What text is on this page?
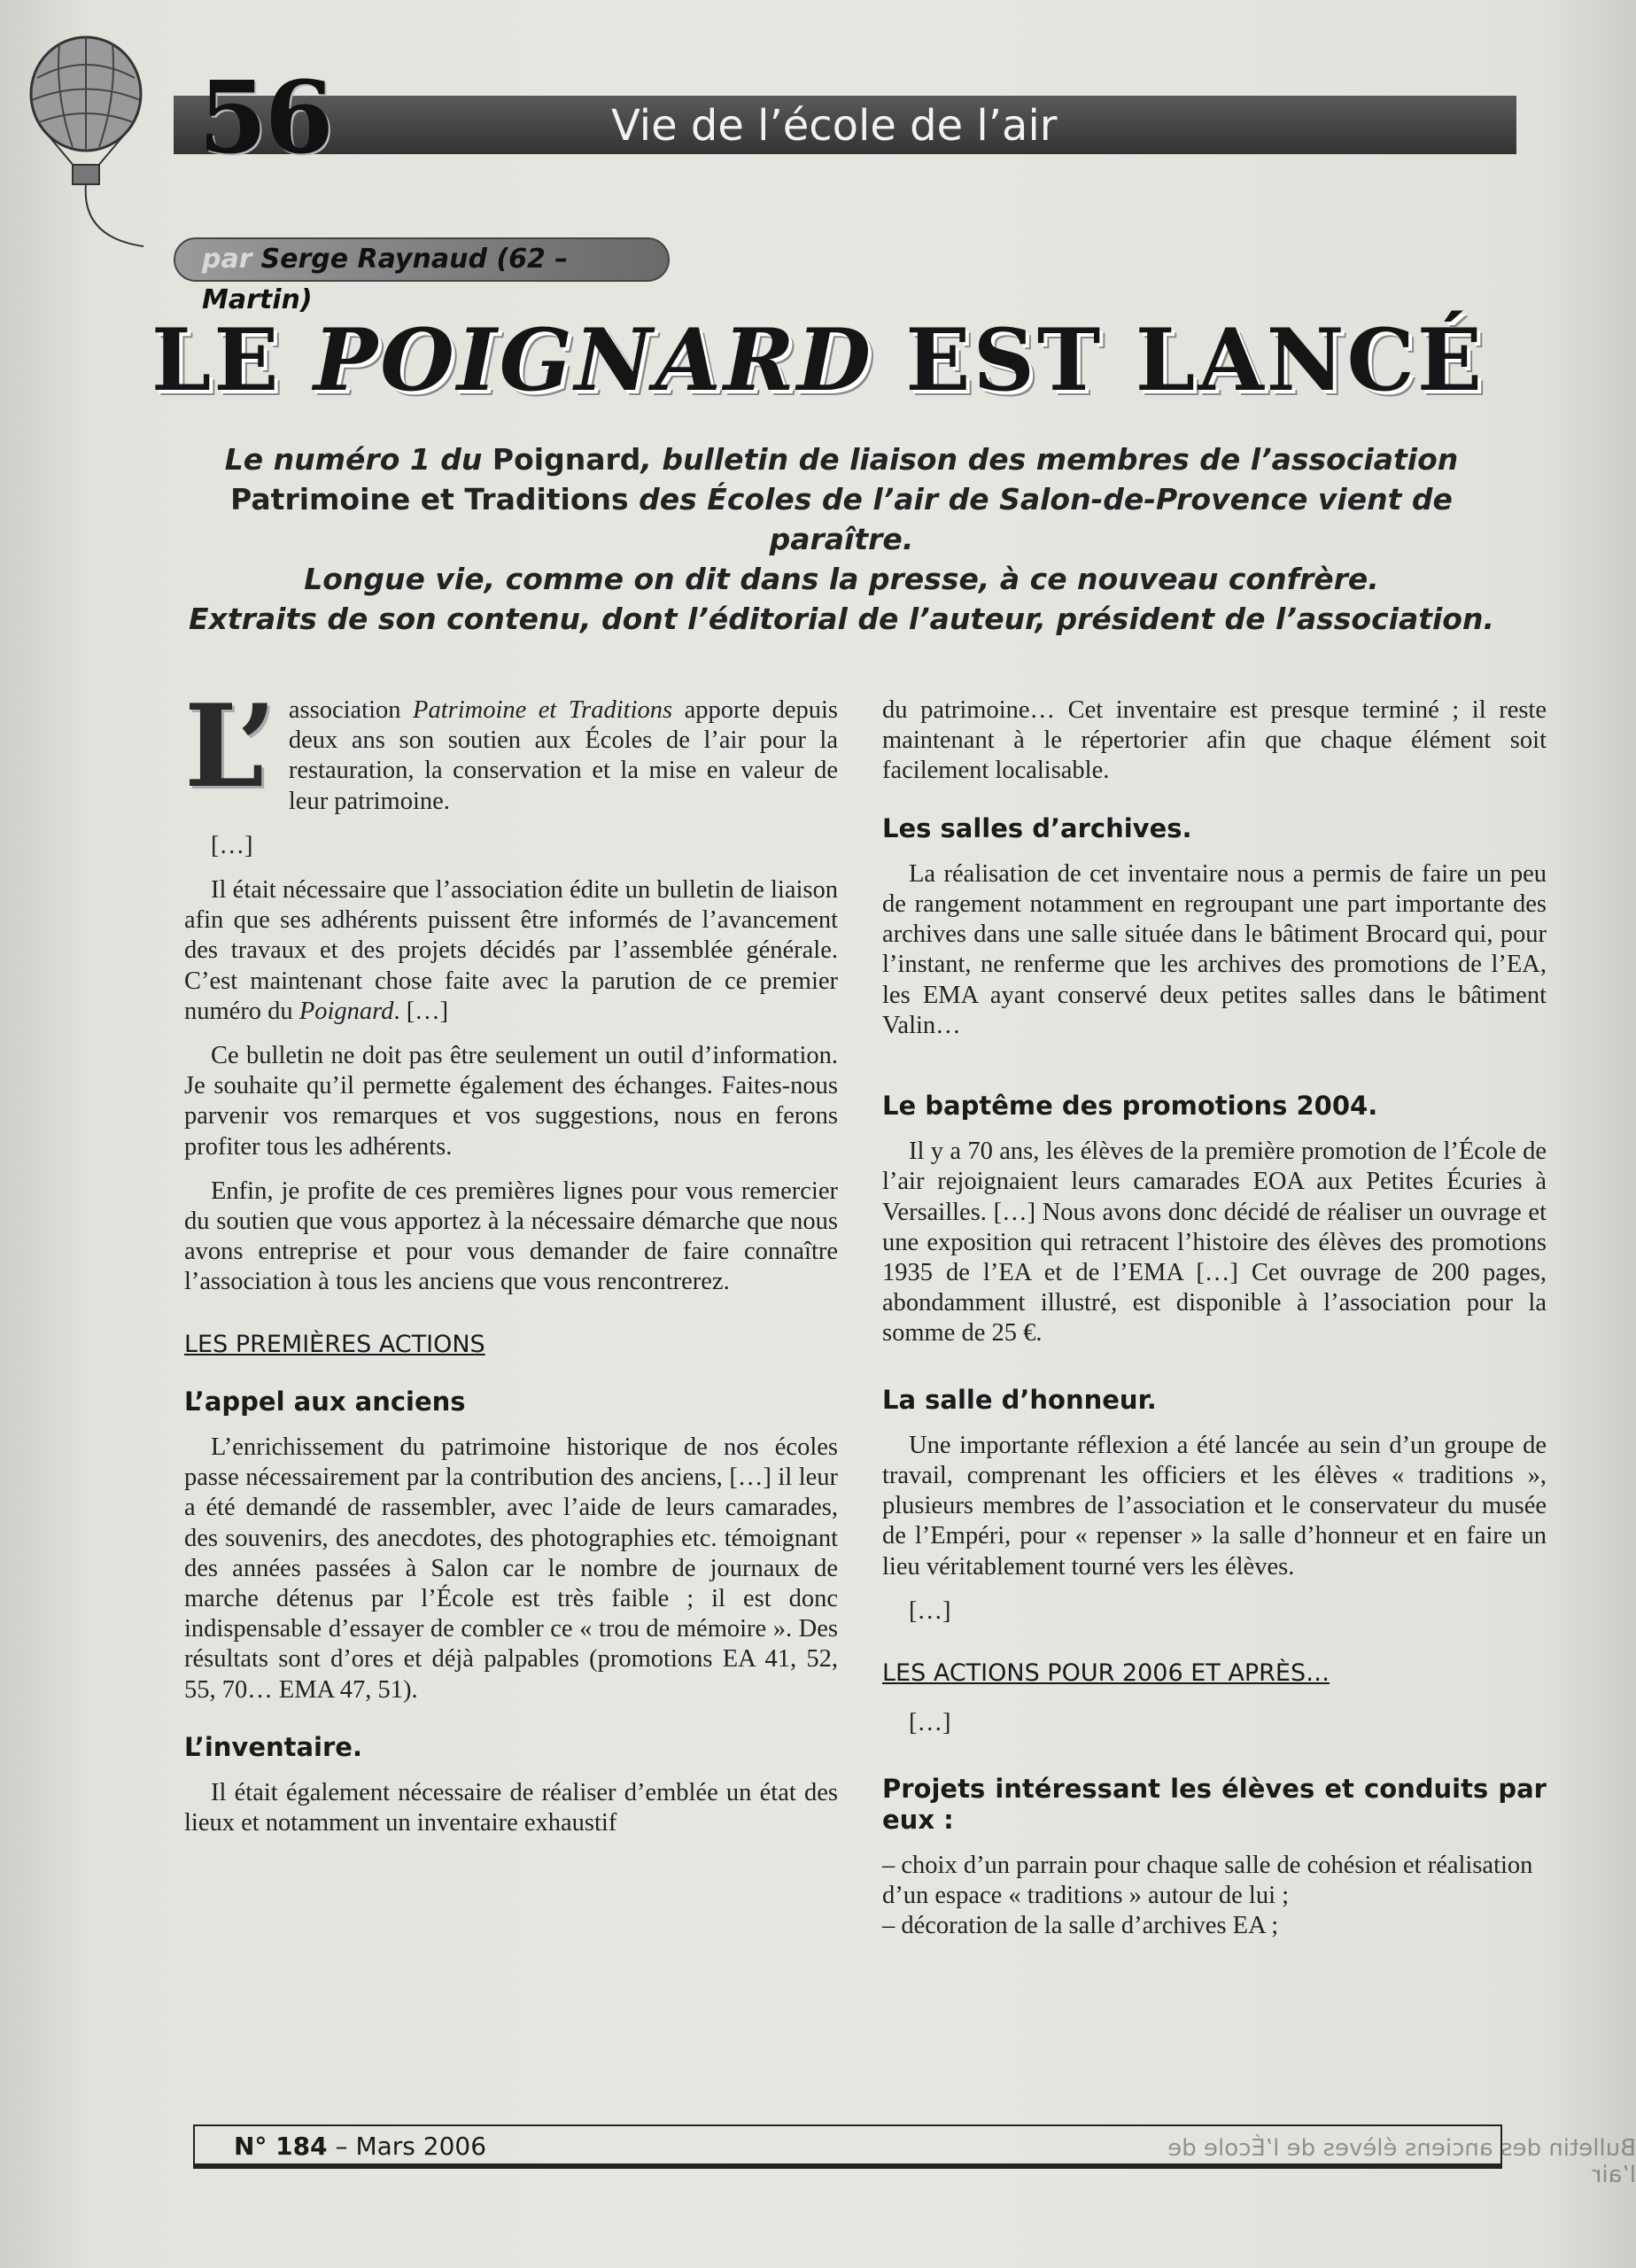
56	Vie de l’école de l’air
par Serge Raynaud (62 – Martin)
LE POIGNARD EST LANCÉ
Le numéro 1 du Poignard, bulletin de liaison des membres de l’association
Patrimoine et Traditions des Écoles de l’air de Salon-de-Provence vient de paraître.
Longue vie, comme on dit dans la presse, à ce nouveau confrère.
Extraits de son contenu, dont l’éditorial de l’auteur, président de l’association.

L’ association Patrimoine et Traditions apporte depuis deux ans son soutien aux Écoles de l’air pour la restauration, la conservation et la mise en valeur de leur patrimoine.

[…]

Il était nécessaire que l’association édite un bulletin de liaison afin que ses adhérents puissent être informés de l’avancement des travaux et des projets décidés par l’assemblée générale. C’est maintenant chose faite avec la parution de ce premier numéro du Poignard. […]

Ce bulletin ne doit pas être seulement un outil d’information. Je souhaite qu’il permette également des échanges. Faites-nous parvenir vos remarques et vos suggestions, nous en ferons profiter tous les adhérents.

Enfin, je profite de ces premières lignes pour vous remercier du soutien que vous apportez à la nécessaire démarche que nous avons entreprise et pour vous demander de faire connaître l’association à tous les anciens que vous rencontrerez.

LES PREMIÈRES ACTIONS
L’appel aux anciens

L’enrichissement du patrimoine historique de nos écoles passe nécessairement par la contribution des anciens, […] il leur a été demandé de rassembler, avec l’aide de leurs camarades, des souvenirs, des anecdotes, des photographies etc. témoignant des années passées à Salon car le nombre de journaux de marche détenus par l’École est très faible ; il est donc indispensable d’essayer de combler ce « trou de mémoire ». Des résultats sont d’ores et déjà palpables (promotions EA 41, 52, 55, 70… EMA 47, 51).

L’inventaire.

Il était également nécessaire de réaliser d’emblée un état des lieux et notamment un inventaire exhaustif

du patrimoine… Cet inventaire est presque terminé ; il reste maintenant à le répertorier afin que chaque élément soit facilement localisable.

Les salles d’archives.

La réalisation de cet inventaire nous a permis de faire un peu de rangement notamment en regroupant une part importante des archives dans une salle située dans le bâtiment Brocard qui, pour l’instant, ne renferme que les archives des promotions de l’EA, les EMA ayant conservé deux petites salles dans le bâtiment Valin…

Le baptême des promotions 2004.

Il y a 70 ans, les élèves de la première promotion de l’École de l’air rejoignaient leurs camarades EOA aux Petites Écuries à Versailles. […] Nous avons donc décidé de réaliser un ouvrage et une exposition qui retracent l’histoire des élèves des promotions 1935 de l’EA et de l’EMA […] Cet ouvrage de 200 pages, abondamment illustré, est disponible à l’association pour la somme de 25 €.

La salle d’honneur.

Une importante réflexion a été lancée au sein d’un groupe de travail, comprenant les officiers et les élèves « traditions », plusieurs membres de l’association et le conservateur du musée de l’Empéri, pour « repenser » la salle d’honneur et en faire un lieu véritablement tourné vers les élèves.

[…]

LES ACTIONS POUR 2006 ET APRÈS…

[…]

Projets intéressant les élèves et conduits par eux :
– choix d’un parrain pour chaque salle de cohésion et réalisation d’un espace « traditions » autour de lui ;
– décoration de la salle d’archives EA ;
N° 184 – Mars 2006	Bulletin des anciens élèves de l’École de l’air
